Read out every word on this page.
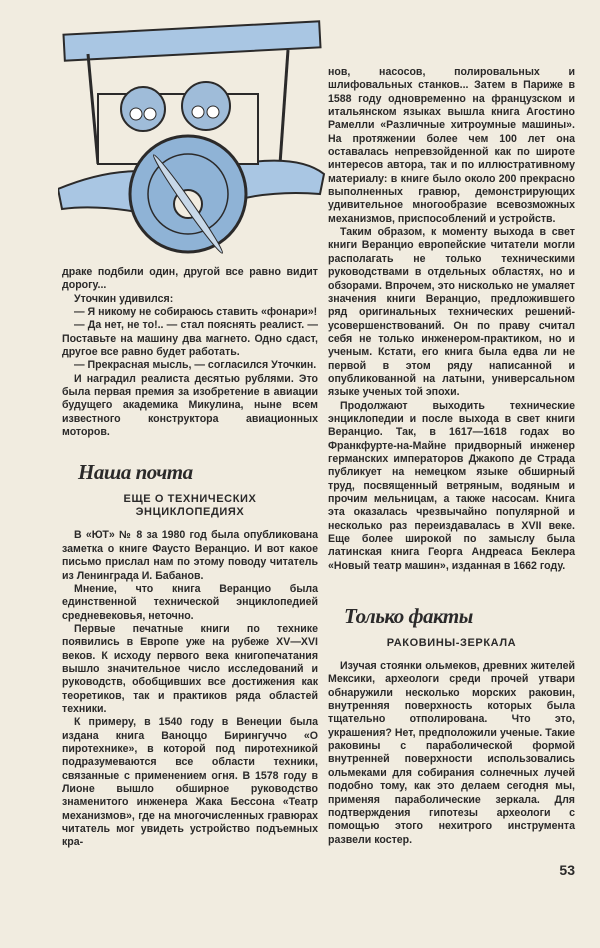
драке подбили один, другой все равно видит дорогу...

Уточкин удивился:

— Я никому не собираюсь ставить «фонари»!

— Да нет, не то!.. — стал пояснять реалист. — Поставьте на машину два магнето. Одно сдаст, другое все равно будет работать.

— Прекрасная мысль, — согласился Уточкин.

И наградил реалиста десятью рублями. Это была первая премия за изобретение в авиации будущего академика Микулина, ныне всем известного конструктора авиационных моторов.

Наша почта
ЕЩЕ О ТЕХНИЧЕСКИХ
ЭНЦИКЛОПЕДИЯХ

В «ЮТ» № 8 за 1980 год была опубликована заметка о книге Фаусто Веранцио. И вот какое письмо прислал нам по этому поводу читатель из Ленинграда И. Бабанов.

Мнение, что книга Веранцио была единственной технической энциклопедией средневековья, неточно.

Первые печатные книги по технике появились в Европе уже на рубеже XV—XVI веков. К исходу первого века книгопечатания вышло значительное число исследований и руководств, обобщивших все достижения как теоретиков, так и практиков ряда областей техники.

К примеру, в 1540 году в Венеции была издана книга Ваноццо Бирингуччо «О пиротехнике», в которой под пиротехникой подразумеваются все области техники, связанные с применением огня. В 1578 году в Лионе вышло обширное руководство знаменитого инженера Жака Бессона «Театр механизмов», где на многочисленных гравюрах читатель мог увидеть устройство подъемных кра-

нов, насосов, полировальных и шлифовальных станков... Затем в Париже в 1588 году одновременно на французском и итальянском языках вышла книга Агостино Рамелли «Различные хитроумные машины». На протяжении более чем 100 лет она оставалась непревзойденной как по широте интересов автора, так и по иллюстративному материалу: в книге было около 200 прекрасно выполненных гравюр, демонстрирующих удивительное многообразие всевозможных механизмов, приспособлений и устройств.

Таким образом, к моменту выхода в свет книги Веранцио европейские читатели могли располагать не только техническими руководствами в отдельных областях, но и обзорами. Впрочем, это нисколько не умаляет значения книги Веранцио, предложившего ряд оригинальных технических решений-усовершенствований. Он по праву считал себя не только инженером-практиком, но и ученым. Кстати, его книга была едва ли не первой в этом ряду написанной и опубликованной на латыни, универсальном языке ученых той эпохи.

Продолжают выходить технические энциклопедии и после выхода в свет книги Веранцио. Так, в 1617—1618 годах во Франкфурте-на-Майне придворный инженер германских императоров Джакопо де Страда публикует на немецком языке обширный труд, посвященный ветряным, водяным и прочим мельницам, а также насосам. Книга эта оказалась чрезвычайно популярной и несколько раз переиздавалась в XVII веке. Еще более широкой по замыслу была латинская книга Георга Андреаса Беклера «Новый театр машин», изданная в 1662 году.

Только факты
РАКОВИНЫ-ЗЕРКАЛА

Изучая стоянки ольмеков, древних жителей Мексики, археологи среди прочей утвари обнаружили несколько морских раковин, внутренняя поверхность которых была тщательно отполирована. Что это, украшения? Нет, предположили ученые. Такие раковины с параболической формой внутренней поверхности использовались ольмеками для собирания солнечных лучей подобно тому, как это делаем сегодня мы, применяя параболические зеркала. Для подтверждения гипотезы археологи с помощью этого нехитрого инструмента развели костер.

53
